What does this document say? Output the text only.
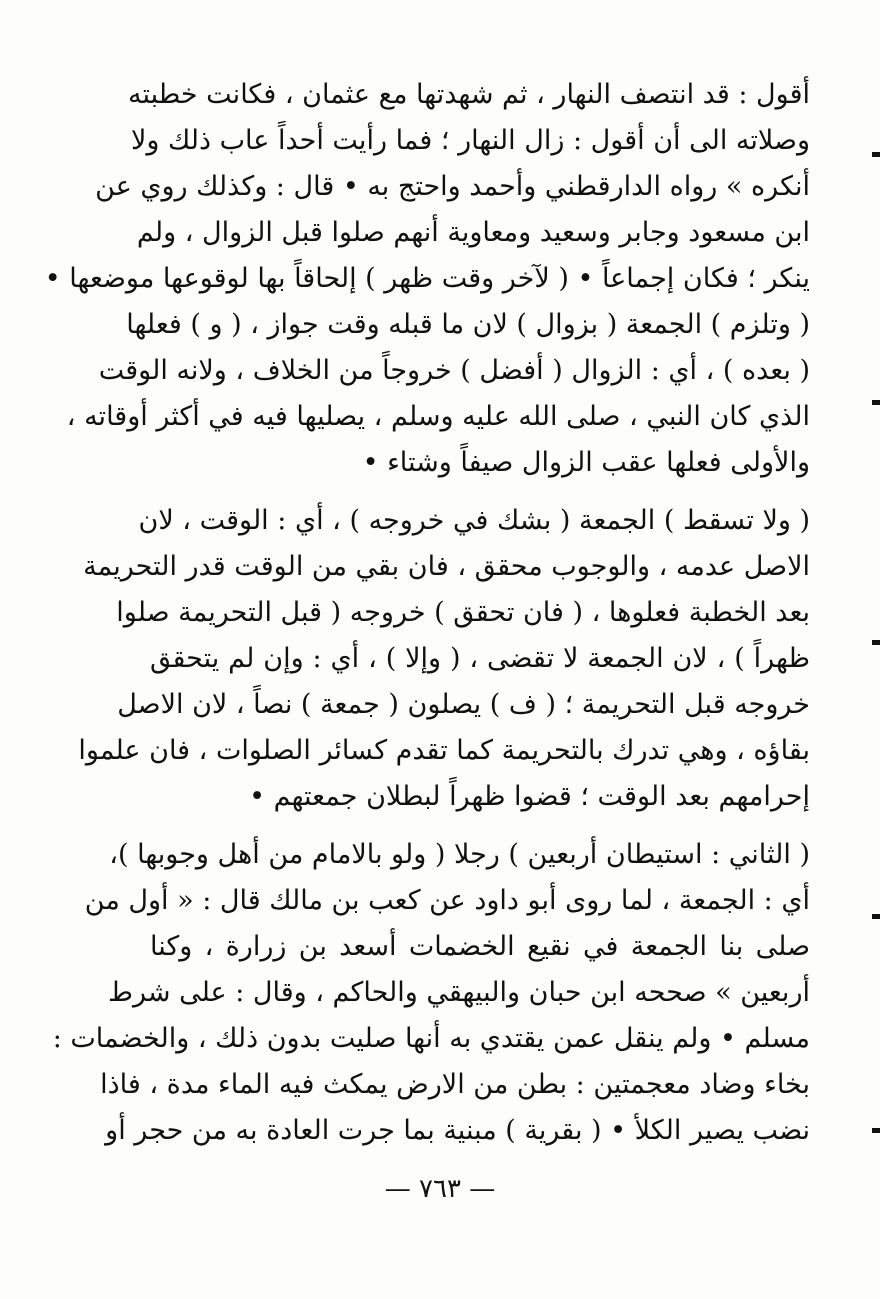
أقول : قد انتصف النهار ، ثم شهدتها مع عثمان ، فكانت خطبته
وصلاته الى أن أقول : زال النهار ؛ فما رأيت أحداً عاب ذلك ولا
أنكره » رواه الدارقطني وأحمد واحتج به • قال : وكذلك روي عن
ابن مسعود وجابر وسعيد ومعاوية أنهم صلوا قبل الزوال ، ولم
ينكر ؛ فكان إجماعاً • ( لآخر وقت ظهر ) إلحاقاً بها لوقوعها موضعها •
( وتلزم ) الجمعة ( بزوال ) لان ما قبله وقت جواز ، ( و ) فعلها
( بعده ) ، أي : الزوال ( أفضل ) خروجاً من الخلاف ، ولانه الوقت
الذي كان النبي ، صلى الله عليه وسلم ، يصليها فيه في أكثر أوقاته ،
والأولى فعلها عقب الزوال صيفاً وشتاء •
( ولا تسقط ) الجمعة ( بشك في خروجه ) ، أي : الوقت ، لان
الاصل عدمه ، والوجوب محقق ، فان بقي من الوقت قدر التحريمة
بعد الخطبة فعلوها ، ( فان تحقق ) خروجه ( قبل التحريمة صلوا
ظهراً ) ، لان الجمعة لا تقضى ، ( وإلا ) ، أي : وإن لم يتحقق
خروجه قبل التحريمة ؛ ( ف ) يصلون ( جمعة ) نصاً ، لان الاصل
بقاؤه ، وهي تدرك بالتحريمة كما تقدم كسائر الصلوات ، فان علموا
إحرامهم بعد الوقت ؛ قضوا ظهراً لبطلان جمعتهم •
( الثاني : استيطان أربعين ) رجلا ( ولو بالامام من أهل وجوبها )،
أي : الجمعة ، لما روى أبو داود عن كعب بن مالك قال : « أول من
صلى بنا الجمعة في نقيع الخضمات أسعد بن زرارة ، وكنا
أربعين » صححه ابن حبان والبيهقي والحاكم ، وقال : على شرط
مسلم • ولم ينقل عمن يقتدي به أنها صليت بدون ذلك ، والخضمات :
بخاء وضاد معجمتين : بطن من الارض يمكث فيه الماء مدة ، فاذا
نضب يصير الكلأ • ( بقرية ) مبنية بما جرت العادة به من حجر أو
— ٧٦٣ —
